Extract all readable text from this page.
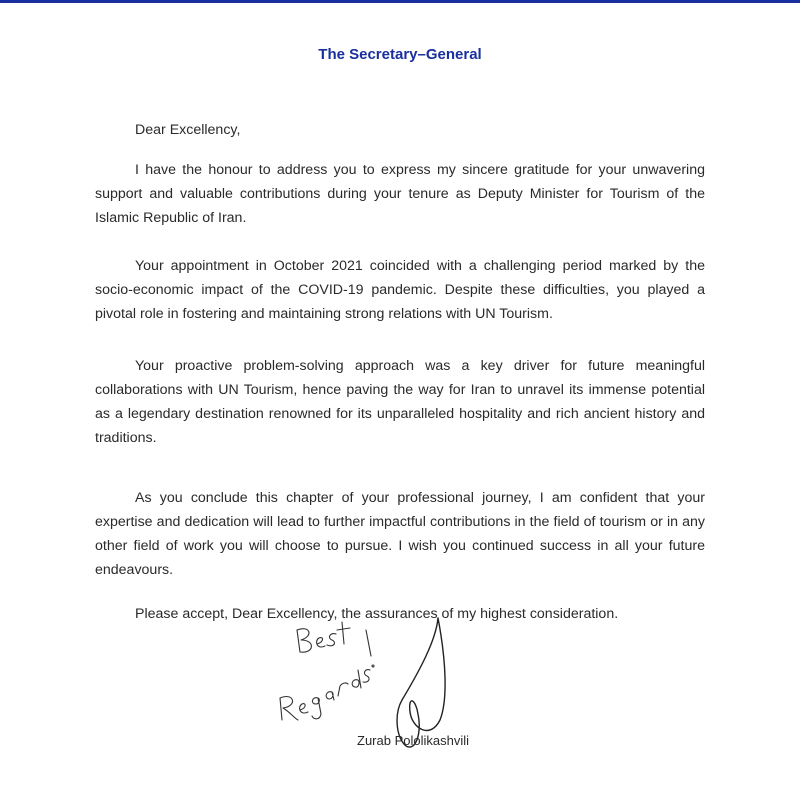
The Secretary–General

Dear Excellency,

I have the honour to address you to express my sincere gratitude for your unwavering support and valuable contributions during your tenure as Deputy Minister for Tourism of the Islamic Republic of Iran.

Your appointment in October 2021 coincided with a challenging period marked by the socio-economic impact of the COVID-19 pandemic. Despite these difficulties, you played a pivotal role in fostering and maintaining strong relations with UN Tourism.

Your proactive problem-solving approach was a key driver for future meaningful collaborations with UN Tourism, hence paving the way for Iran to unravel its immense potential as a legendary destination renowned for its unparalleled hospitality and rich ancient history and traditions.

As you conclude this chapter of your professional journey, I am confident that your expertise and dedication will lead to further impactful contributions in the field of tourism or in any other field of work you will choose to pursue. I wish you continued success in all your future endeavours.

Please accept, Dear Excellency, the assurances of my highest consideration.

Zurab Pololikashvili
